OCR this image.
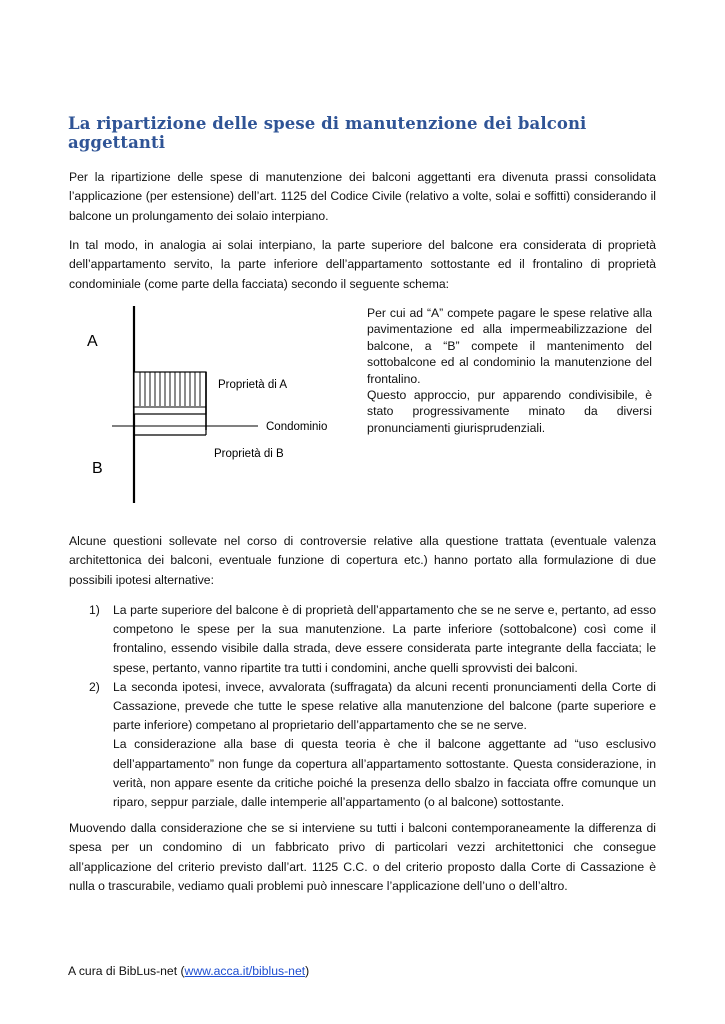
La ripartizione delle spese di manutenzione dei balconi aggettanti

Per la ripartizione delle spese di manutenzione dei balconi aggettanti era divenuta prassi consolidata l’applicazione (per estensione) dell’art. 1125 del Codice Civile (relativo a volte, solai e soffitti) considerando il balcone un prolungamento dei solaio interpiano.

In tal modo, in analogia ai solai interpiano, la parte superiore del balcone era considerata di proprietà dell’appartamento servito, la parte inferiore dell’appartamento sottostante ed il frontalino di proprietà condominiale (come parte della facciata) secondo il seguente schema:

A
B
Proprietà di A
Condominio
Proprietà di B

Per cui ad “A” compete pagare le spese relative alla pavimentazione ed alla impermeabilizzazione del balcone, a “B” compete il mantenimento del sottobalcone ed al condominio la manutenzione del frontalino.

Questo approccio, pur apparendo condivisibile, è stato progressivamente minato da diversi pronunciamenti giurisprudenziali.

Alcune questioni sollevate nel corso di controversie relative alla questione trattata (eventuale valenza architettonica dei balconi, eventuale funzione di copertura etc.) hanno portato alla formulazione di due possibili ipotesi alternative:

1) La parte superiore del balcone è di proprietà dell’appartamento che se ne serve e, pertanto, ad esso competono le spese per la sua manutenzione. La parte inferiore (sottobalcone) così come il frontalino, essendo visibile dalla strada, deve essere considerata parte integrante della facciata; le spese, pertanto, vanno ripartite tra tutti i condomini, anche quelli sprovvisti dei balconi.

2) La seconda ipotesi, invece, avvalorata (suffragata) da alcuni recenti pronunciamenti della Corte di Cassazione, prevede che tutte le spese relative alla manutenzione del balcone (parte superiore e parte inferiore) competano al proprietario dell’appartamento che se ne serve.

La considerazione alla base di questa teoria è che il balcone aggettante ad “uso esclusivo dell’appartamento” non funge da copertura all’appartamento sottostante. Questa considerazione, in verità, non appare esente da critiche poiché la presenza dello sbalzo in facciata offre comunque un riparo, seppur parziale, dalle intemperie all’appartamento (o al balcone) sottostante.

Muovendo dalla considerazione che se si interviene su tutti i balconi contemporaneamente la differenza di spesa per un condomino di un fabbricato privo di particolari vezzi architettonici che consegue all’applicazione del criterio previsto dall’art. 1125 C.C. o del criterio proposto dalla Corte di Cassazione è nulla o trascurabile, vediamo quali problemi può innescare l’applicazione dell’uno o dell’altro.

A cura di BibLus-net (www.acca.it/biblus-net)
